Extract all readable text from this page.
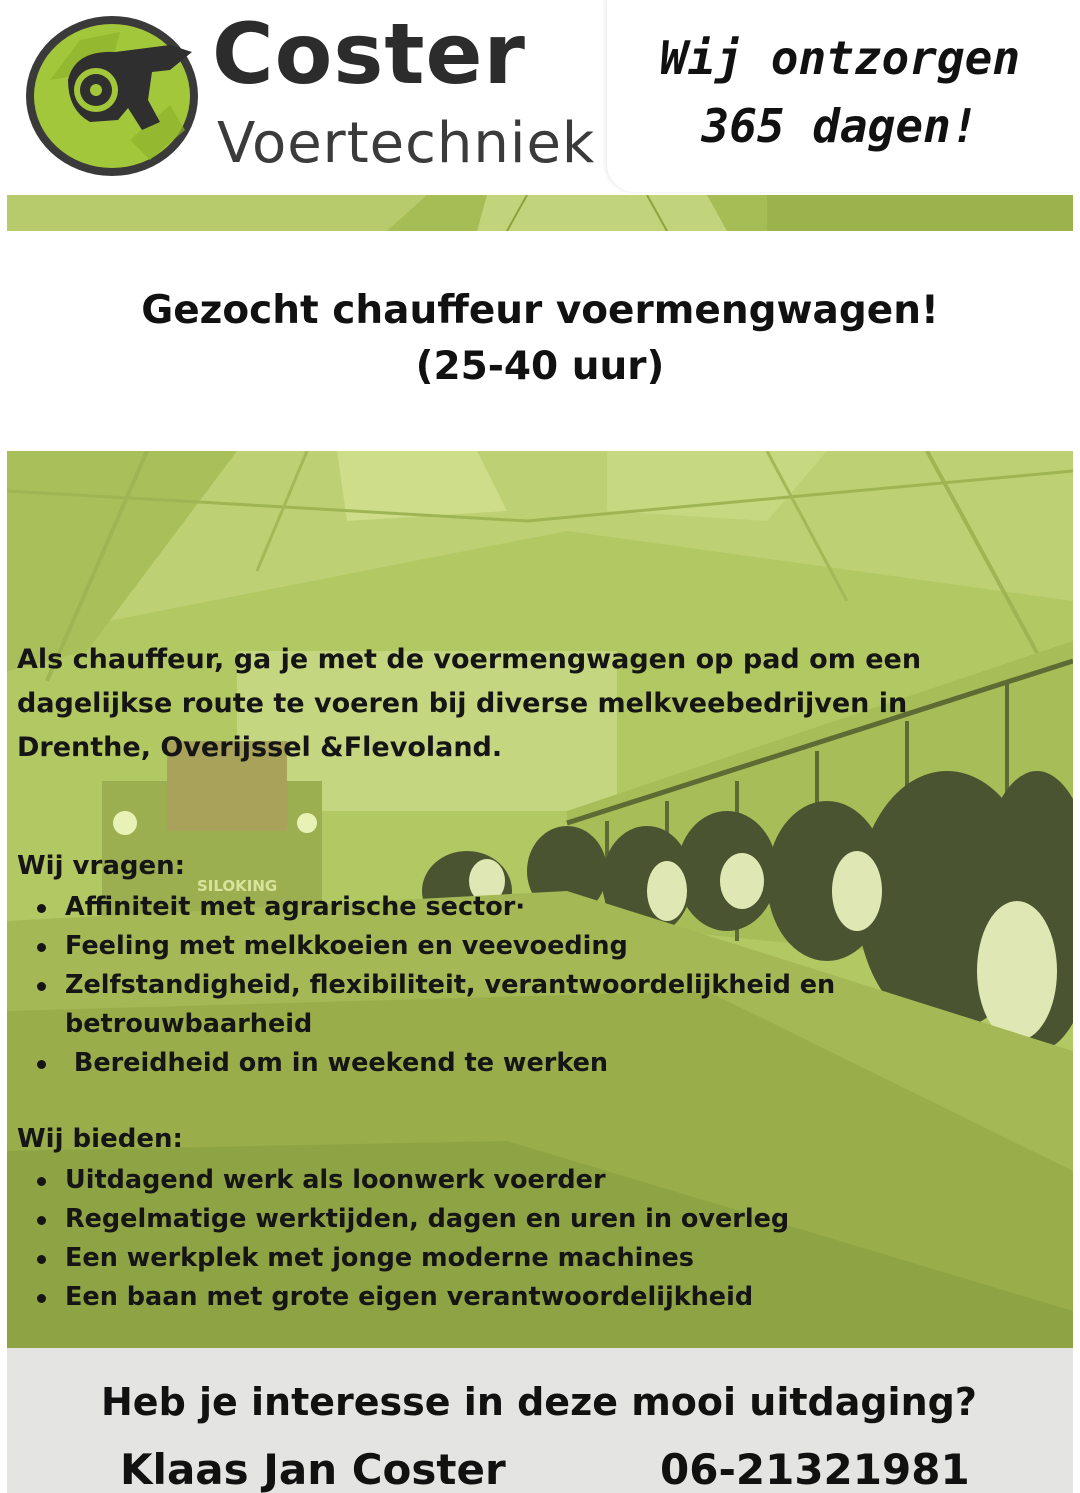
Coster
Voertechniek
Wij ontzorgen
365 dagen!
Gezocht chauffeur voermengwagen!
(25-40 uur)
SILOKING
Als chauffeur, ga je met de voermengwagen op pad om een
dagelijkse route te voeren bij diverse melkveebedrijven in
Drenthe, Overijssel &Flevoland.
Wij vragen:
Affiniteit met agrarische sector·
Feeling met melkkoeien en veevoeding
Zelfstandigheid, flexibiliteit, verantwoordelijkheid en
betrouwbaarheid
Bereidheid om in weekend te werken
Wij bieden:
Uitdagend werk als loonwerk voerder
Regelmatige werktijden, dagen en uren in overleg
Een werkplek met jonge moderne machines
Een baan met grote eigen verantwoordelijkheid
Heb je interesse in deze mooi uitdaging?
Klaas Jan Coster	06-21321981
